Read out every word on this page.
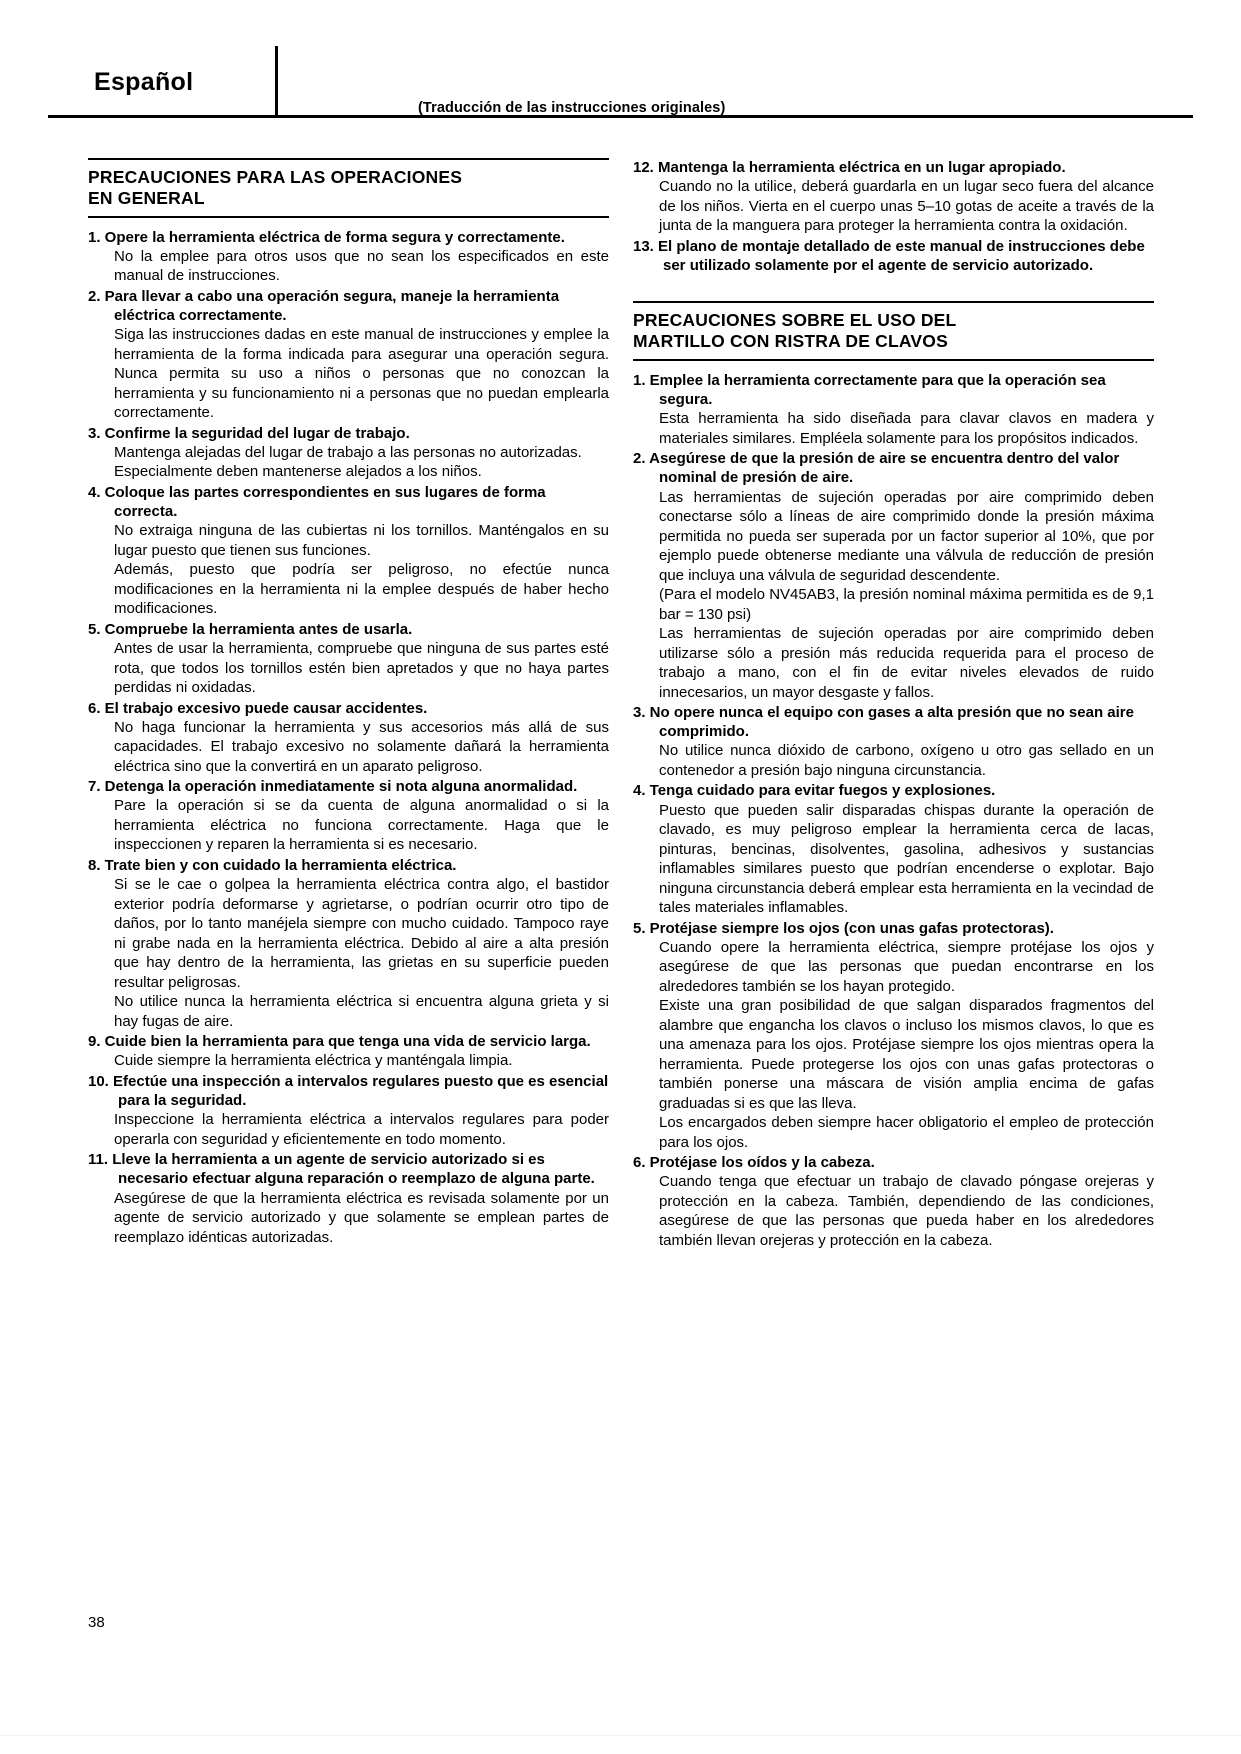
Español
(Traducción de las instrucciones originales)
PRECAUCIONES PARA LAS OPERACIONES
EN GENERAL
1. Opere la herramienta eléctrica de forma segura y correctamente.
No la emplee para otros usos que no sean los especificados en este manual de instrucciones.
2. Para llevar a cabo una operación segura, maneje la herramienta eléctrica correctamente.
Siga las instrucciones dadas en este manual de instrucciones y emplee la herramienta de la forma indicada para asegurar una operación segura. Nunca permita su uso a niños o personas que no conozcan la herramienta y su funcionamiento ni a personas que no puedan emplearla correctamente.
3. Confirme la seguridad del lugar de trabajo.
Mantenga alejadas del lugar de trabajo a las personas no autorizadas.
Especialmente deben mantenerse alejados a los niños.
4. Coloque las partes correspondientes en sus lugares de forma correcta.
No extraiga ninguna de las cubiertas ni los tornillos. Manténgalos en su lugar puesto que tienen sus funciones.
Además, puesto que podría ser peligroso, no efectúe nunca modificaciones en la herramienta ni la emplee después de haber hecho modificaciones.
5. Compruebe la herramienta antes de usarla.
Antes de usar la herramienta, compruebe que ninguna de sus partes esté rota, que todos los tornillos estén bien apretados y que no haya partes perdidas ni oxidadas.
6. El trabajo excesivo puede causar accidentes.
No haga funcionar la herramienta y sus accesorios más allá de sus capacidades. El trabajo excesivo no solamente dañará la herramienta eléctrica sino que la convertirá en un aparato peligroso.
7. Detenga la operación inmediatamente si nota alguna anormalidad.
Pare la operación si se da cuenta de alguna anormalidad o si la herramienta eléctrica no funciona correctamente. Haga que le inspeccionen y reparen la herramienta si es necesario.
8. Trate bien y con cuidado la herramienta eléctrica.
Si se le cae o golpea la herramienta eléctrica contra algo, el bastidor exterior podría deformarse y agrietarse, o podrían ocurrir otro tipo de daños, por lo tanto manéjela siempre con mucho cuidado. Tampoco raye ni grabe nada en la herramienta eléctrica. Debido al aire a alta presión que hay dentro de la herramienta, las grietas en su superficie pueden resultar peligrosas.
No utilice nunca la herramienta eléctrica si encuentra alguna grieta y si hay fugas de aire.
9. Cuide bien la herramienta para que tenga una vida de servicio larga.
Cuide siempre la herramienta eléctrica y manténgala limpia.
10. Efectúe una inspección a intervalos regulares puesto que es esencial para la seguridad.
Inspeccione la herramienta eléctrica a intervalos regulares para poder operarla con seguridad y eficientemente en todo momento.
11. Lleve la herramienta a un agente de servicio autorizado si es necesario efectuar alguna reparación o reemplazo de alguna parte.
Asegúrese de que la herramienta eléctrica es revisada solamente por un agente de servicio autorizado y que solamente se emplean partes de reemplazo idénticas autorizadas.
12. Mantenga la herramienta eléctrica en un lugar apropiado.
Cuando no la utilice, deberá guardarla en un lugar seco fuera del alcance de los niños. Vierta en el cuerpo unas 5–10 gotas de aceite a través de la junta de la manguera para proteger la herramienta contra la oxidación.
13. El plano de montaje detallado de este manual de instrucciones debe ser utilizado solamente por el agente de servicio autorizado.
PRECAUCIONES SOBRE EL USO DEL
MARTILLO CON RISTRA DE CLAVOS
1. Emplee la herramienta correctamente para que la operación sea segura.
Esta herramienta ha sido diseñada para clavar clavos en madera y materiales similares. Empléela solamente para los propósitos indicados.
2. Asegúrese de que la presión de aire se encuentra dentro del valor nominal de presión de aire.
Las herramientas de sujeción operadas por aire comprimido deben conectarse sólo a líneas de aire comprimido donde la presión máxima permitida no pueda ser superada por un factor superior al 10%, que por ejemplo puede obtenerse mediante una válvula de reducción de presión que incluya una válvula de seguridad descendente.
(Para el modelo NV45AB3, la presión nominal máxima permitida es de 9,1 bar = 130 psi)
Las herramientas de sujeción operadas por aire comprimido deben utilizarse sólo a presión más reducida requerida para el proceso de trabajo a mano, con el fin de evitar niveles elevados de ruido innecesarios, un mayor desgaste y fallos.
3. No opere nunca el equipo con gases a alta presión que no sean aire comprimido.
No utilice nunca dióxido de carbono, oxígeno u otro gas sellado en un contenedor a presión bajo ninguna circunstancia.
4. Tenga cuidado para evitar fuegos y explosiones.
Puesto que pueden salir disparadas chispas durante la operación de clavado, es muy peligroso emplear la herramienta cerca de lacas, pinturas, bencinas, disolventes, gasolina, adhesivos y sustancias inflamables similares puesto que podrían encenderse o explotar. Bajo ninguna circunstancia deberá emplear esta herramienta en la vecindad de tales materiales inflamables.
5. Protéjase siempre los ojos (con unas gafas protectoras).
Cuando opere la herramienta eléctrica, siempre protéjase los ojos y asegúrese de que las personas que puedan encontrarse en los alrededores también se los hayan protegido.
Existe una gran posibilidad de que salgan disparados fragmentos del alambre que engancha los clavos o incluso los mismos clavos, lo que es una amenaza para los ojos. Protéjase siempre los ojos mientras opera la herramienta. Puede protegerse los ojos con unas gafas protectoras o también ponerse una máscara de visión amplia encima de gafas graduadas si es que las lleva.
Los encargados deben siempre hacer obligatorio el empleo de protección para los ojos.
6. Protéjase los oídos y la cabeza.
Cuando tenga que efectuar un trabajo de clavado póngase orejeras y protección en la cabeza. También, dependiendo de las condiciones, asegúrese de que las personas que pueda haber en los alrededores también llevan orejeras y protección en la cabeza.
38
